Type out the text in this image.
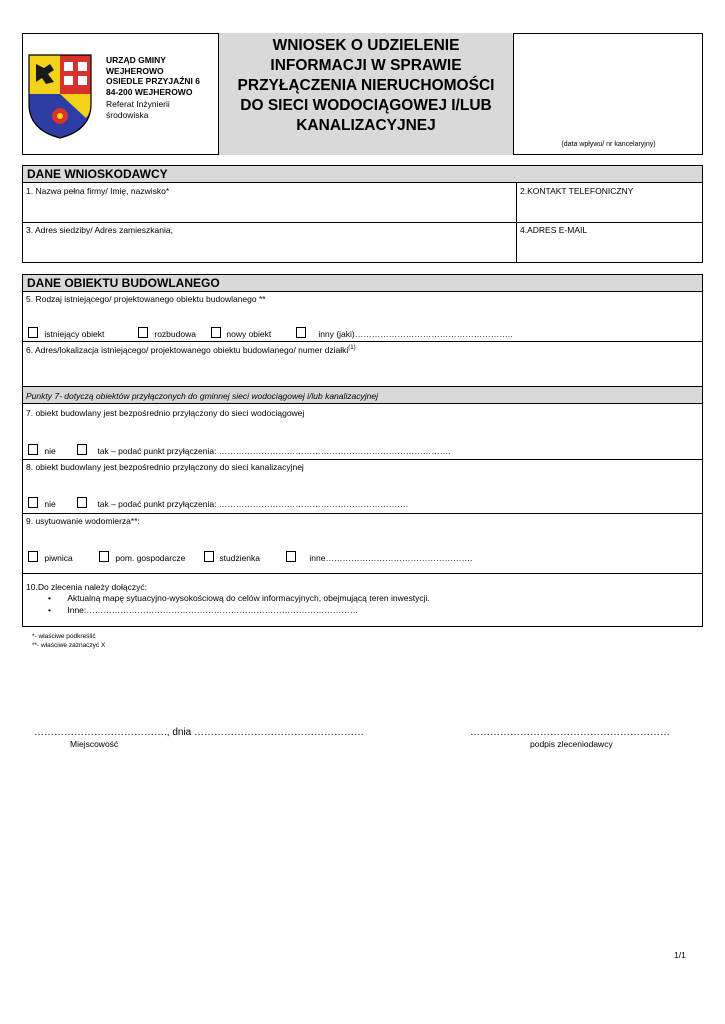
URZĄD GMINY
WEJHEROWO
OSIEDLE PRZYJAŹNI 6
84-200 WEJHEROWO
Referat Inżynierii
środowiska
WNIOSEK O UDZIELENIE
INFORMACJI W SPRAWIE
PRZYŁĄCZENIA NIERUCHOMOŚCI
DO SIECI WODOCIĄGOWEJ I/LUB
KANALIZACYJNEJ
(data wpływu/ nr kancelaryjny)
DANE WNIOSKODAWCY
1. Nazwa pełna firmy/ Imię, nazwisko*	2.KONTAKT TELEFONICZNY
3. Adres siedziby/ Adres zamieszkania,	4.ADRES E-MAIL
DANE OBIEKTU BUDOWLANEGO
5. Rodzaj istniejącego/ projektowanego obiektu budowlanego **
istniejący obiekt	rozbudowa	nowy obiekt	inny (jaki)………………………………………………..
6. Adres/lokalizacja istniejącego/ projektowanego obiektu budowlanego/ numer działki$^{(1)}$
Punkty 7- dotyczą obiektów przyłączonych do gminnej sieci wodociągowej i/lub kanalizacyjnej
7. obiekt budowlany jest bezpośrednio przyłączony do sieci wodociągowej
nie	tak – podać punkt przyłączenia: ……………………………………………………………………….
8. obiekt budowlany jest bezpośrednio przyłączony do sieci kanalizacyjnej
nie	tak – podać punkt przyłączenia: ………………………………………………………….
9. usytuowanie wodomierza**:
piwnica	pom. gospodarcze	studzienka	inne…………………………………………….
10.Do zlecenia należy dołączyć:
• Aktualną mapę sytuacyjno-wysokościową do celów informacyjnych, obejmującą teren inwestycji.
• Inne:……………………………………………………………………………………
*- właściwe podkreślić
**- właściwe zaznaczyć X
…………………………………., dnia ……………………………………………
Miejscowość
……………………………………………………
podpis zleceniodawcy
1/1
